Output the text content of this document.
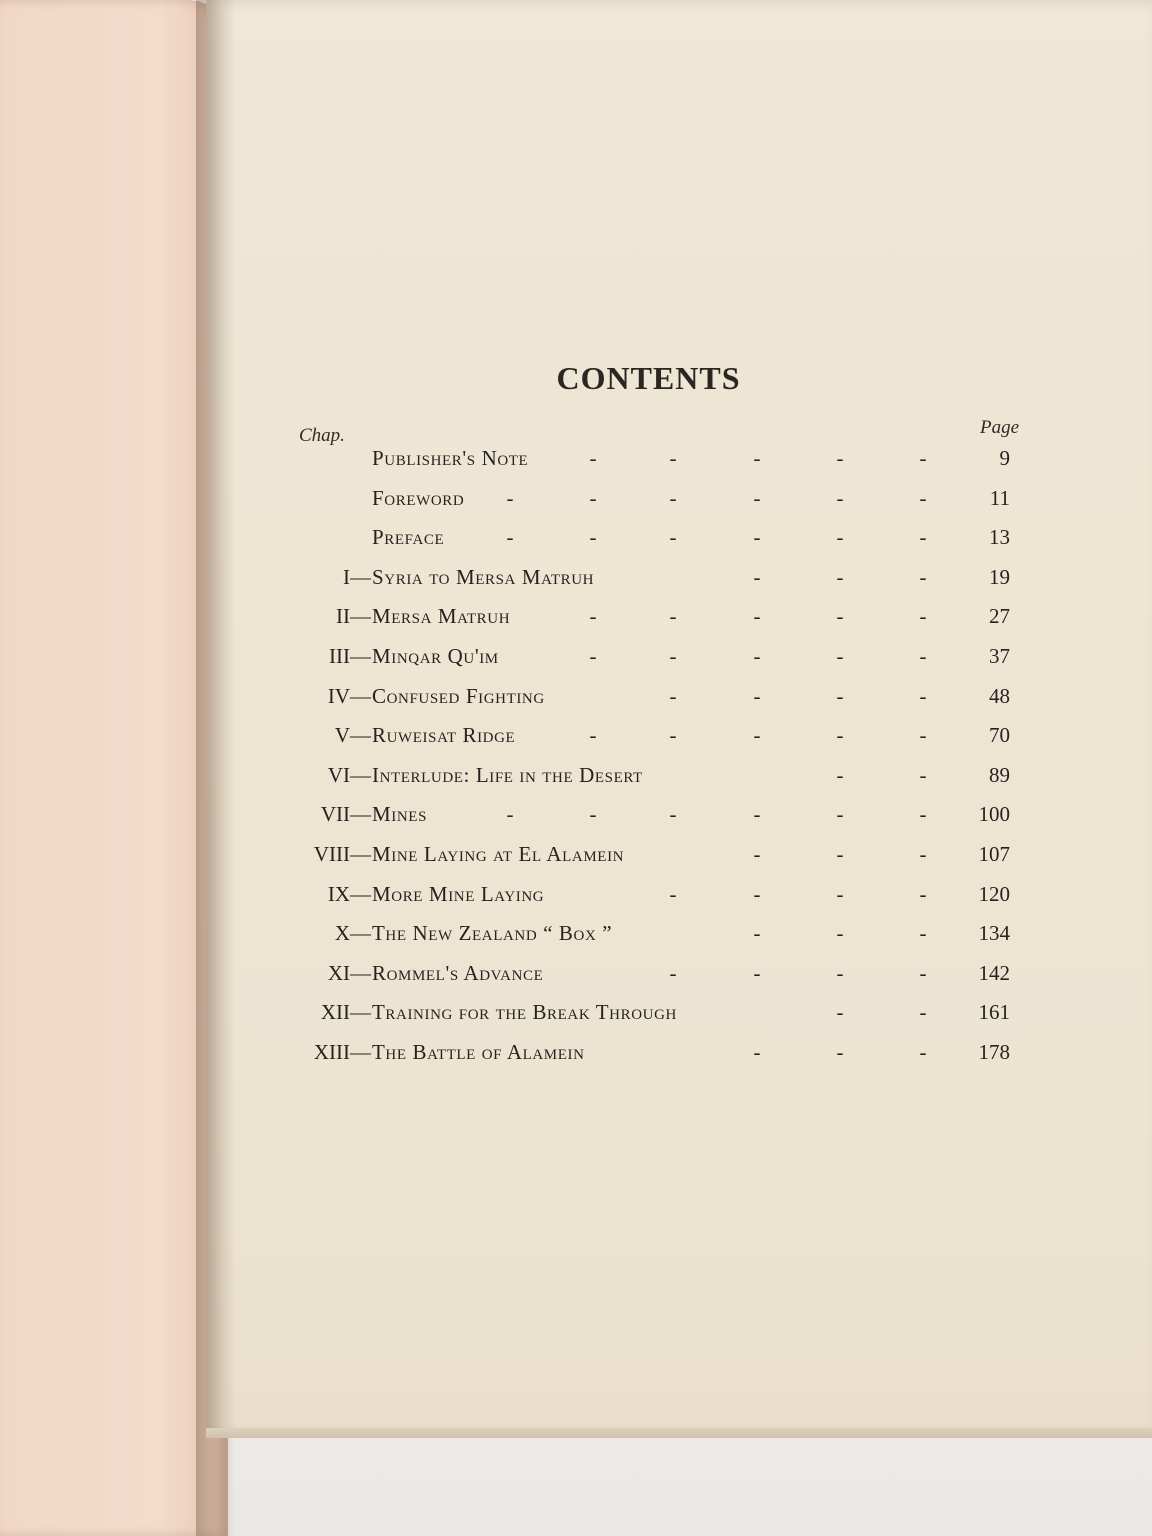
CONTENTS
Chap.	Page
Publisher's Note	-	-	-	-	-	9
Foreword -	-	-	-	-	-	11
Preface	-	-	-	-	-	-	13
I— Syria to Mersa Matruh	-	-	-	19
II— Mersa Matruh	-	-	-	-	-	27
III— Minqar Qu'im	-	-	-	-	-	37
IV— Confused Fighting	-	-	-	-	48
V— Ruweisat Ridge	-	-	-	-	-	70
VI— Interlude: Life in the Desert	-	-	89
VII— Mines	-	-	-	-	-	-	100
VIII— Mine Laying at El Alamein	-	-	-	107
IX— More Mine Laying	-	-	-	-	120
X— The New Zealand “ Box ”	-	-	-	134
XI— Rommel's Advance	-	-	-	-	142
XII— Training for the Break Through	-	-	161
XIII— The Battle of Alamein	-	-	-	178
